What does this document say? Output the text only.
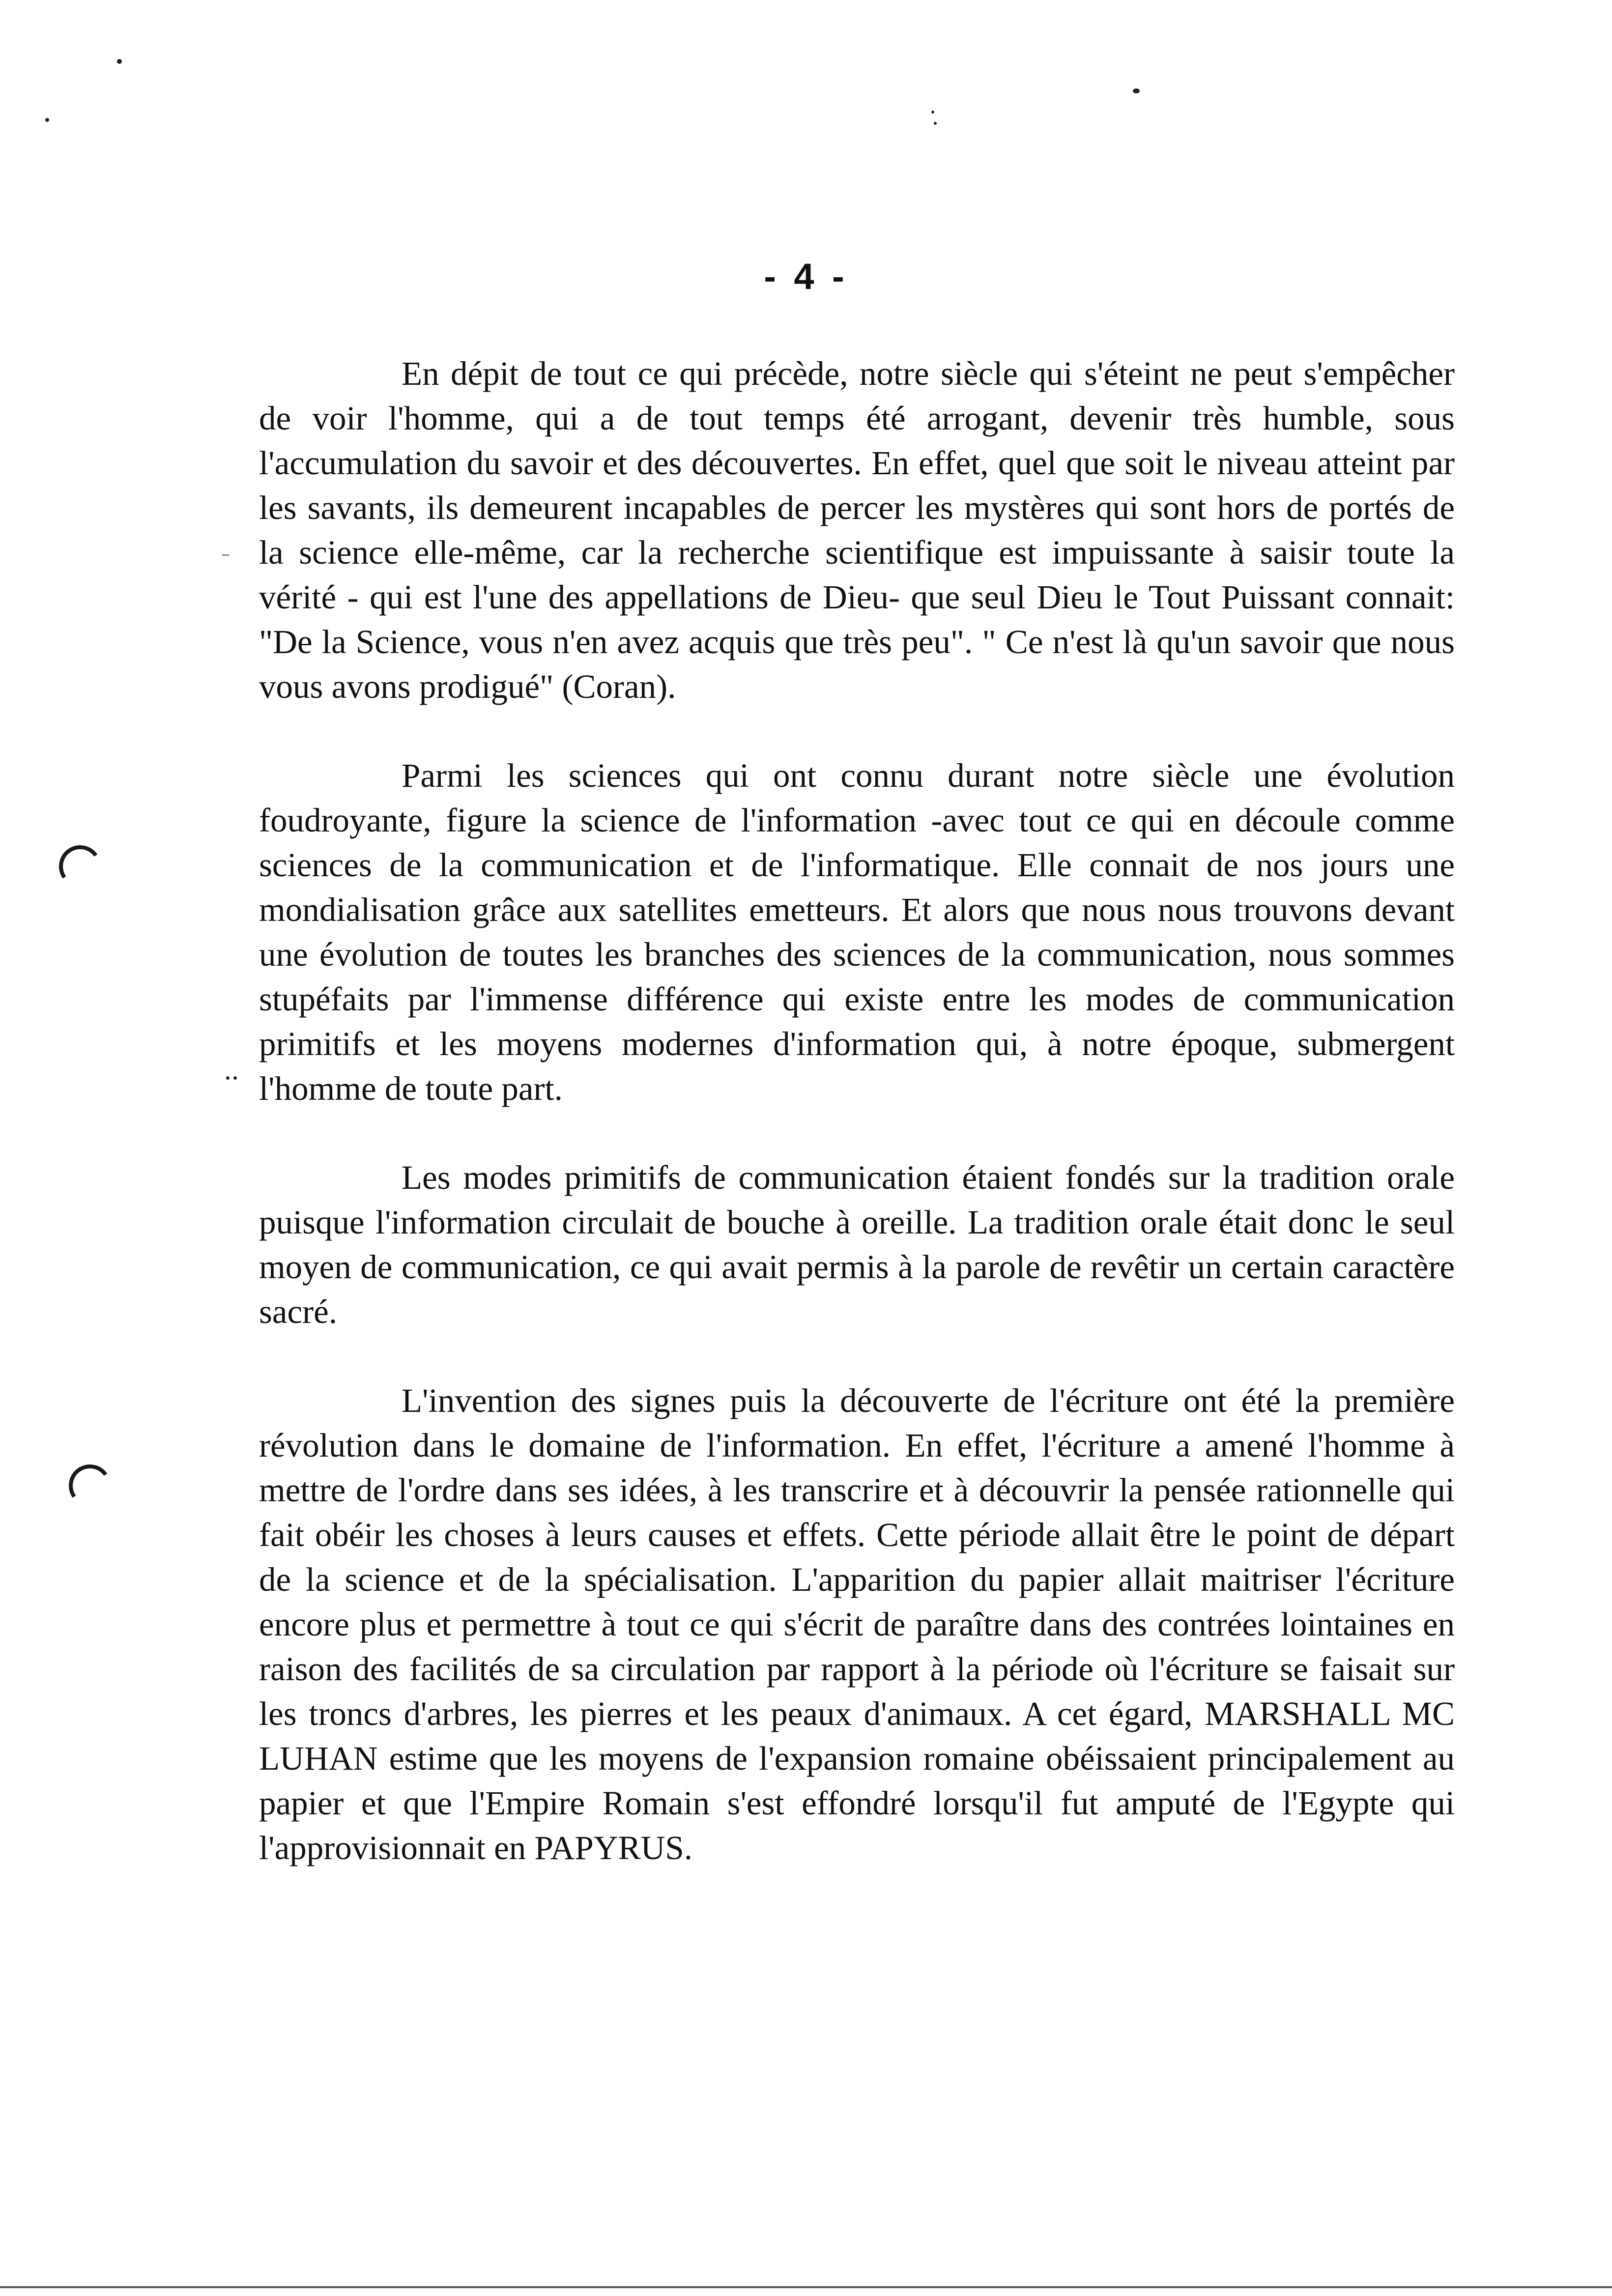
- 4 -

En dépit de tout ce qui précède, notre siècle qui s'éteint ne peut s'empêcher de voir l'homme, qui a de tout temps été arrogant, devenir très humble, sous l'accumulation du savoir et des découvertes. En effet, quel que soit le niveau atteint par les savants, ils demeurent incapables de percer les mystères qui sont hors de portés de la science elle-même, car la recherche scientifique est impuissante à saisir toute la vérité - qui est l'une des appellations de Dieu- que seul Dieu le Tout Puissant connait: "De la Science, vous n'en avez acquis que très peu". " Ce n'est là qu'un savoir que nous vous avons prodigué" (Coran).

Parmi les sciences qui ont connu durant notre siècle une évolution foudroyante, figure la science de l'information -avec tout ce qui en découle comme sciences de la communication et de l'informatique. Elle connait de nos jours une mondialisation grâce aux satellites emetteurs. Et alors que nous nous trouvons devant une évolution de toutes les branches des sciences de la communication, nous sommes stupéfaits par l'immense différence qui existe entre les modes de communication primitifs et les moyens modernes d'information qui, à notre époque, submergent l'homme de toute part.

Les modes primitifs de communication étaient fondés sur la tradition orale puisque l'information circulait de bouche à oreille. La tradition orale était donc le seul moyen de communication, ce qui avait permis à la parole de revêtir un certain caractère sacré.

L'invention des signes puis la découverte de l'écriture ont été la première révolution dans le domaine de l'information. En effet, l'écriture a amené l'homme à mettre de l'ordre dans ses idées, à les transcrire et à découvrir la pensée rationnelle qui fait obéir les choses à leurs causes et effets. Cette période allait être le point de départ de la science et de la spécialisation. L'apparition du papier allait maitriser l'écriture encore plus et permettre à tout ce qui s'écrit de paraître dans des contrées lointaines en raison des facilités de sa circulation par rapport à la période où l'écriture se faisait sur les troncs d'arbres, les pierres et les peaux d'animaux. A cet égard, MARSHALL MC LUHAN estime que les moyens de l'expansion romaine obéissaient principalement au papier et que l'Empire Romain s'est effondré lorsqu'il fut amputé de l'Egypte qui l'approvisionnait en PAPYRUS.
